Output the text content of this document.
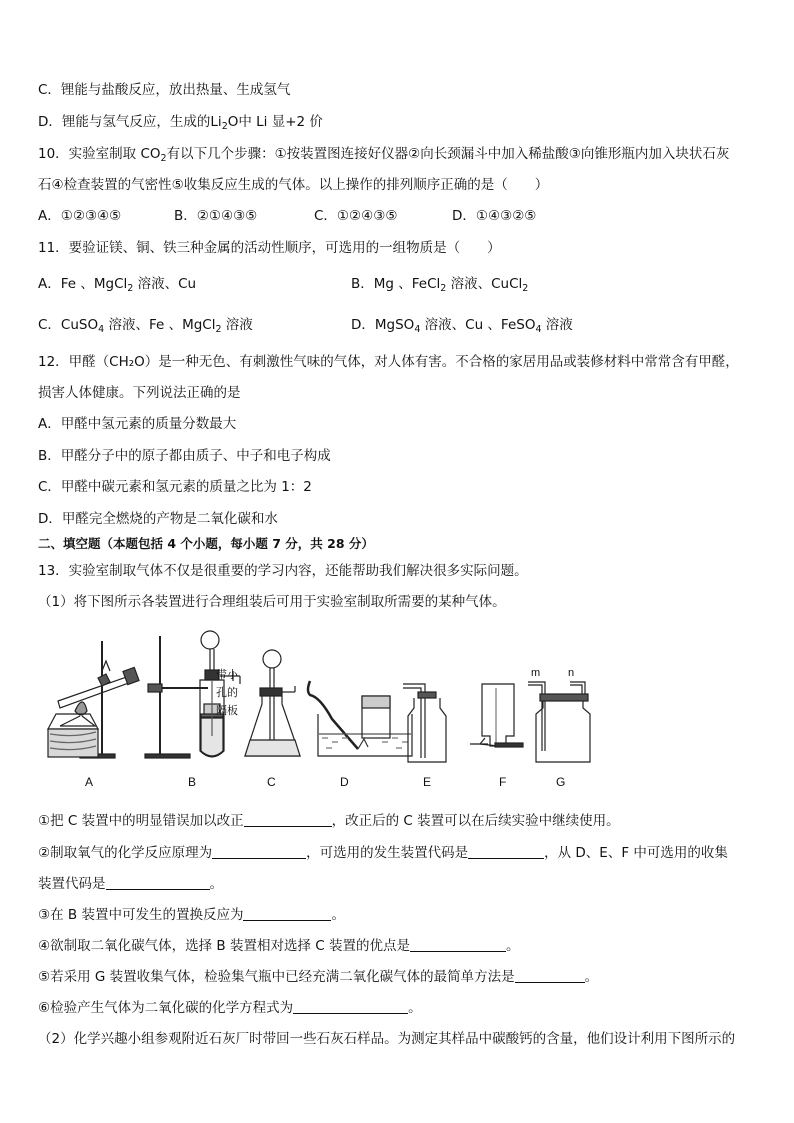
C．锂能与盐酸反应，放出热量、生成氢气
D．锂能与氢气反应，生成的$Li_2O$中 Li 显+2 价
10．实验室制取 $CO_2$有以下几个步骤：①按装置图连接好仪器②向长颈漏斗中加入稀盐酸③向锥形瓶内加入块状石灰
石④检查装置的气密性⑤收集反应生成的气体。以上操作的排列顺序正确的是（　　）
A．①②③④⑤	B．②①④③⑤	C．①②④③⑤	D．①④③②⑤
11．要验证镁、铜、铁三种金属的活动性顺序，可选用的一组物质是（　　）
A．Fe 、MgCl$_2$ 溶液、Cu	B．Mg 、FeCl$_2$ 溶液、CuCl$_2$
C．CuSO$_4$ 溶液、Fe 、MgCl$_2$ 溶液	D．MgSO$_4$ 溶液、Cu 、FeSO$_4$ 溶液
12．甲醛（CH₂O）是一种无色、有刺激性气味的气体，对人体有害。不合格的家居用品或装修材料中常常含有甲醛，
损害人体健康。下列说法正确的是
A．甲醛中氢元素的质量分数最大
B．甲醛分子中的原子都由质子、中子和电子构成
C．甲醛中碳元素和氢元素的质量之比为 1：2
D．甲醛完全燃烧的产物是二氧化碳和水
二、填空题（本题包括 4 个小题，每小题 7 分，共 28 分）
13．实验室制取气体不仅是很重要的学习内容，还能帮助我们解决很多实际问题。
（1）将下图所示各装置进行合理组装后可用于实验室制取所需要的某种气体。
A
带小
孔的
隔板
B	C	D	E	F
m	n
G
①把 C 装置中的明显错误加以改正	，改正后的 C 装置可以在后续实验中继续使用。
②制取氧气的化学反应原理为	，可选用的发生装置代码是	，从 D、E、F 中可选用的收集
装置代码是	。
③在 B 装置中可发生的置换反应为	。
④欲制取二氧化碳气体，选择 B 装置相对选择 C 装置的优点是	。
⑤若采用 G 装置收集气体，检验集气瓶中已经充满二氧化碳气体的最简单方法是	。
⑥检验产生气体为二氧化碳的化学方程式为	。
（2）化学兴趣小组参观附近石灰厂时带回一些石灰石样品。为测定其样品中碳酸钙的含量，他们设计利用下图所示的
